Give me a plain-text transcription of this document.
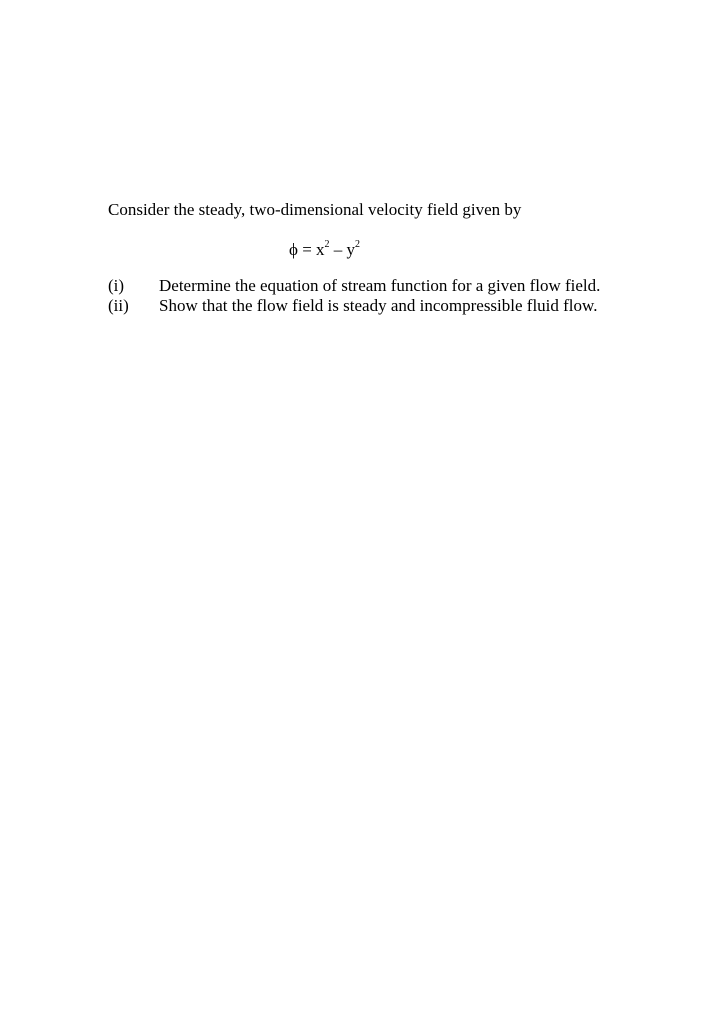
Consider the steady, two-dimensional velocity field given by
$\phi = x^2 - y^2$
(i) Determine the equation of stream function for a given flow field.
(ii) Show that the flow field is steady and incompressible fluid flow.
